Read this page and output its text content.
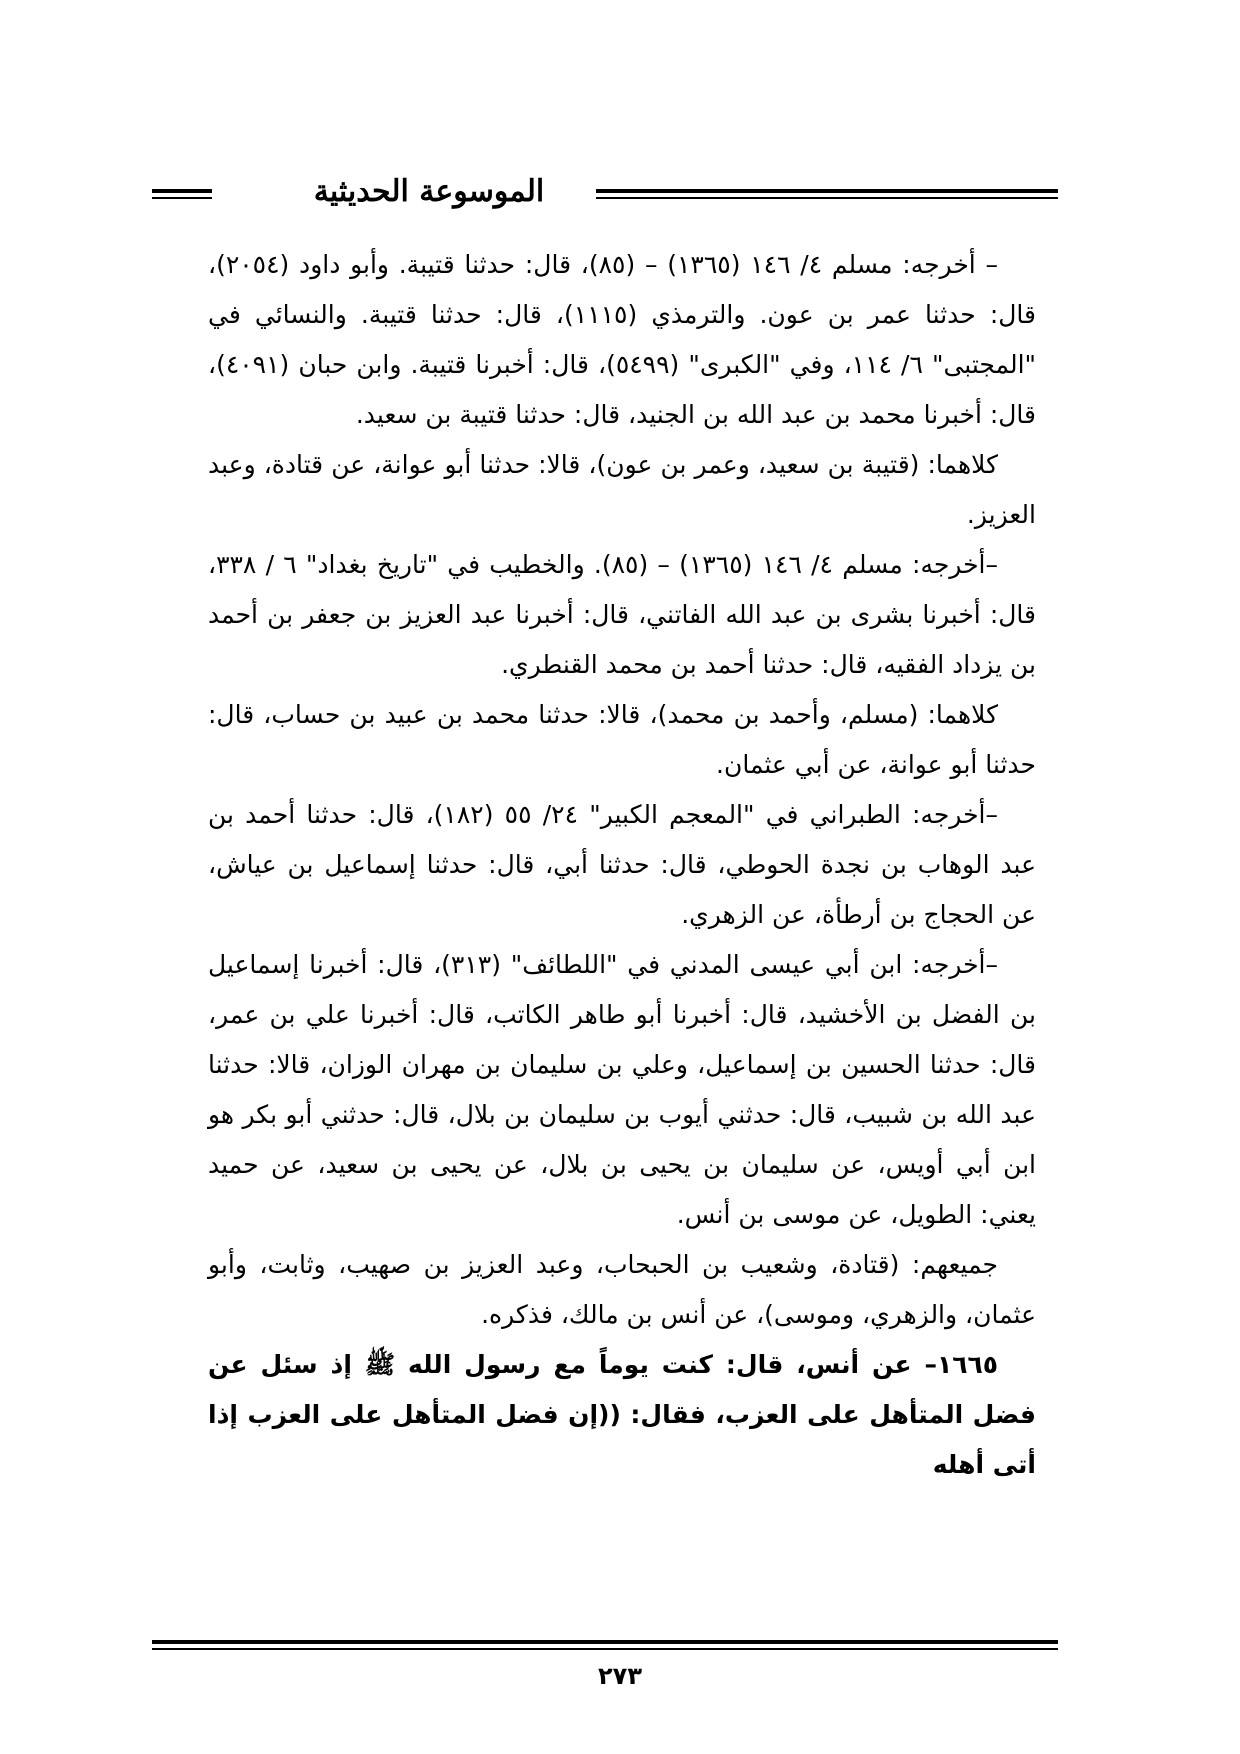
الموسوعة الحديثية

– أخرجه: مسلم ٤/ ١٤٦ (١٣٦٥) – (٨٥)، قال: حدثنا قتيبة. وأبو داود (٢٠٥٤)، قال: حدثنا عمر بن عون. والترمذي (١١١٥)، قال: حدثنا قتيبة. والنسائي في "المجتبى" ٦/ ١١٤، وفي "الكبرى" (٥٤٩٩)، قال: أخبرنا قتيبة. وابن حبان (٤٠٩١)، قال: أخبرنا محمد بن عبد الله بن الجنيد، قال: حدثنا قتيبة بن سعيد.

كلاهما: (قتيبة بن سعيد، وعمر بن عون)، قالا: حدثنا أبو عوانة، عن قتادة، وعبد العزيز.

–أخرجه: مسلم ٤/ ١٤٦ (١٣٦٥) – (٨٥). والخطيب في "تاريخ بغداد" ٦ / ٣٣٨، قال: أخبرنا بشرى بن عبد الله الفاتني، قال: أخبرنا عبد العزيز بن جعفر بن أحمد بن يزداد الفقيه، قال: حدثنا أحمد بن محمد القنطري.

كلاهما: (مسلم، وأحمد بن محمد)، قالا: حدثنا محمد بن عبيد بن حساب، قال: حدثنا أبو عوانة، عن أبي عثمان.

–أخرجه: الطبراني في "المعجم الكبير" ٢٤/ ٥٥ (١٨٢)، قال: حدثنا أحمد بن عبد الوهاب بن نجدة الحوطي، قال: حدثنا أبي، قال: حدثنا إسماعيل بن عياش، عن الحجاج بن أرطأة، عن الزهري.

–أخرجه: ابن أبي عيسى المدني في "اللطائف" (٣١٣)، قال: أخبرنا إسماعيل بن الفضل بن الأخشيد، قال: أخبرنا أبو طاهر الكاتب، قال: أخبرنا علي بن عمر، قال: حدثنا الحسين بن إسماعيل، وعلي بن سليمان بن مهران الوزان، قالا: حدثنا عبد الله بن شبيب، قال: حدثني أيوب بن سليمان بن بلال، قال: حدثني أبو بكر هو ابن أبي أويس، عن سليمان بن يحيى بن بلال، عن يحيى بن سعيد، عن حميد يعني: الطويل، عن موسى بن أنس.

جميعهم: (قتادة، وشعيب بن الحبحاب، وعبد العزيز بن صهيب، وثابت، وأبو عثمان، والزهري، وموسى)، عن أنس بن مالك، فذكره.

١٦٦٥– عن أنس، قال: كنت يوماً مع رسول الله ﷺ إذ سئل عن فضل المتأهل على العزب، فقال: ((إن فضل المتأهل على العزب إذا أتى أهله

٢٧٣
